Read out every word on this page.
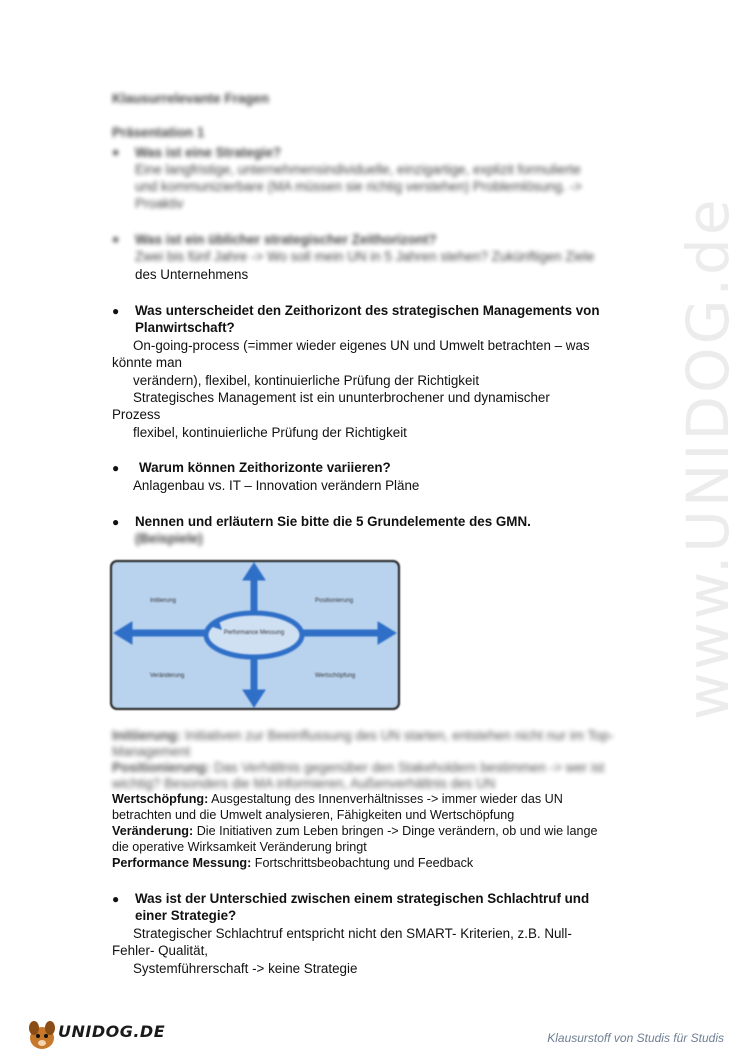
www.UNIDOG.de
Klausurrelevante Fragen
Präsentation 1
● Was ist eine Strategie?
Eine langfristige, unternehmensindividuelle, einzigartige, explizit formulierte
und kommunizierbare (MA müssen sie richtig verstehen) Problemlösung. ->
Proaktiv
● Was ist ein üblicher strategischer Zeithorizont?
Zwei bis fünf Jahre -> Wo soll mein UN in 5 Jahren stehen? Zukünftigen Ziele
des Unternehmens
● Was unterscheidet den Zeithorizont des strategischen Managements von
Planwirtschaft?
On-going-process (=immer wieder eigenes UN und Umwelt betrachten – was
könnte man
verändern), flexibel, kontinuierliche Prüfung der Richtigkeit
Strategisches Management ist ein ununterbrochener und dynamischer
Prozess
flexibel, kontinuierliche Prüfung der Richtigkeit
● Warum können Zeithorizonte variieren?
Anlagenbau vs. IT – Innovation verändern Pläne
● Nennen und erläutern Sie bitte die 5 Grundelemente des GMN.
(Beispiele)
Performance Messung
Initiierung	Positionierung
Veränderung	Wertschöpfung
Initiierung: Initiativen zur Beeinflussung des UN starten, entstehen nicht nur im Top-
Management
Positionierung: Das Verhältnis gegenüber den Stakeholdern bestimmen -> wer ist
wichtig? Besonders die MA informieren, Außenverhältnis des UN
Wertschöpfung: Ausgestaltung des Innenverhältnisses -> immer wieder das UN
betrachten und die Umwelt analysieren, Fähigkeiten und Wertschöpfung
Veränderung: Die Initiativen zum Leben bringen -> Dinge verändern, ob und wie lange
die operative Wirksamkeit Veränderung bringt
Performance Messung: Fortschrittsbeobachtung und Feedback
● Was ist der Unterschied zwischen einem strategischen Schlachtruf und
einer Strategie?
Strategischer Schlachtruf entspricht nicht den SMART- Kriterien, z.B. Null-
Fehler- Qualität,
Systemführerschaft -> keine Strategie
UNIDOG.DE	Klausurstoff von Studis für Studis
